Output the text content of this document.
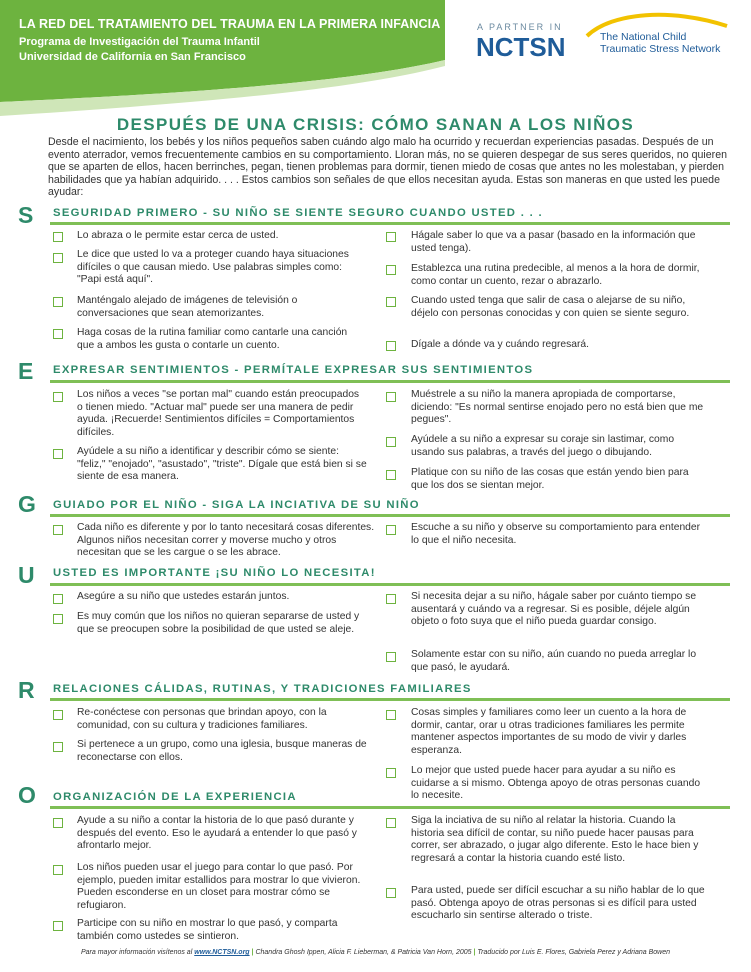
LA RED DEL TRATAMIENTO DEL TRAUMA EN LA PRIMERA INFANCIA
Programa de Investigación del Trauma Infantil
Universidad de California en San Francisco
A PARTNER IN
NCTSN	The National Child
Traumatic Stress Network
DESPUÉS DE UNA CRISIS: CÓMO SANAN A LOS NIÑOS
Desde el nacimiento, los bebés y los niños pequeños saben cuándo algo malo ha ocurrido y recuerdan experiencias pasadas. Después de un evento aterrador, vemos frecuentemente cambios en su comportamiento. Lloran más, no se quieren despegar de sus seres queridos, no quieren que se aparten de ellos, hacen berrinches, pegan, tienen problemas para dormir, tienen miedo de cosas que antes no les molestaban, y pierden habilidades que ya habían adquirido. . . . Estos cambios son señales de que ellos necesitan ayuda. Estas son maneras en que usted les puede ayudar:
S SEGURIDAD PRIMERO - SU NIÑO SE SIENTE SEGURO CUANDO USTED . . .
Lo abraza o le permite estar cerca de usted.
Le dice que usted lo va a proteger cuando haya situaciones difíciles o que causan miedo. Use palabras simples como: "Papi está aquí".
Manténgalo alejado de imágenes de televisión o conversaciones que sean atemorizantes.
Haga cosas de la rutina familiar como cantarle una canción que a ambos les gusta o contarle un cuento.
Hágale saber lo que va a pasar (basado en la información que usted tenga).
Establezca una rutina predecible, al menos a la hora de dormir, como contar un cuento, rezar o abrazarlo.
Cuando usted tenga que salir de casa o alejarse de su niño, déjelo con personas conocidas y con quien se siente seguro.
Dígale a dónde va y cuándo regresará.
E EXPRESAR SENTIMIENTOS - PERMÍTALE EXPRESAR SUS SENTIMIENTOS
Los niños a veces "se portan mal" cuando están preocupados o tienen miedo. "Actuar mal" puede ser una manera de pedir ayuda. ¡Recuerde! Sentimientos difíciles = Comportamientos difíciles.
Ayúdele a su niño a identificar y describir cómo se siente: "feliz," "enojado", "asustado", "triste". Dígale que está bien si se siente de esa manera.
Muéstrele a su niño la manera apropiada de comportarse, diciendo: "Es normal sentirse enojado pero no está bien que me pegues".
Ayúdele a su niño a expresar su coraje sin lastimar, como usando sus palabras, a través del juego o dibujando.
Platique con su niño de las cosas que están yendo bien para que los dos se sientan mejor.
G GUIADO POR EL NIÑO - SIGA LA INCIATIVA DE SU NIÑO
Cada niño es diferente y por lo tanto necesitará cosas diferentes. Algunos niños necesitan correr y moverse mucho y otros necesitan que se les cargue o se les abrace.
Escuche a su niño y observe su comportamiento para entender lo que el niño necesita.
U USTED ES IMPORTANTE ¡SU NIÑO LO NECESITA!
Asegúre a su niño que ustedes estarán juntos.
Es muy común que los niños no quieran separarse de usted y que se preocupen sobre la posibilidad de que usted se aleje.
Si necesita dejar a su niño, hágale saber por cuánto tiempo se ausentará y cuándo va a regresar. Si es posible, déjele algún objeto o foto suya que el niño pueda guardar consigo.
Solamente estar con su niño, aún cuando no pueda arreglar lo que pasó, le ayudará.
R RELACIONES CÁLIDAS, RUTINAS, Y TRADICIONES FAMILIARES
Re-conéctese con personas que brindan apoyo, con la comunidad, con su cultura y tradiciones familiares.
Si pertenece a un grupo, como una iglesia, busque maneras de reconectarse con ellos.
Cosas simples y familiares como leer un cuento a la hora de dormir, cantar, orar u otras tradiciones familiares les permite mantener aspectos importantes de su modo de vivir y darles esperanza.
Lo mejor que usted puede hacer para ayudar a su niño es cuidarse a si mismo. Obtenga apoyo de otras personas cuando lo necesite.
O ORGANIZACIÓN DE LA EXPERIENCIA
Ayude a su niño a contar la historia de lo que pasó durante y después del evento. Eso le ayudará a entender lo que pasó y afrontarlo mejor.
Los niños pueden usar el juego para contar lo que pasó. Por ejemplo, pueden imitar estallidos para mostrar lo que vivieron. Pueden esconderse en un closet para mostrar cómo se refugiaron.
Participe con su niño en mostrar lo que pasó, y comparta también como ustedes se sintieron.
Siga la inciativa de su niño al relatar la historia. Cuando la historia sea difícil de contar, su niño puede hacer pausas para correr, ser abrazado, o jugar algo diferente. Esto le hace bien y regresará a contar la historia cuando esté listo.
Para usted, puede ser difícil escuchar a su niño hablar de lo que pasó. Obtenga apoyo de otras personas si es difícil para usted escucharlo sin sentirse alterado o triste.
Para mayor información visítenos al www.NCTSN.org | Chandra Ghosh Ippen, Alicia F. Lieberman, & Patricia Van Horn, 2005 | Traducido por Luis E. Flores, Gabriela Perez y Adriana Bowen
